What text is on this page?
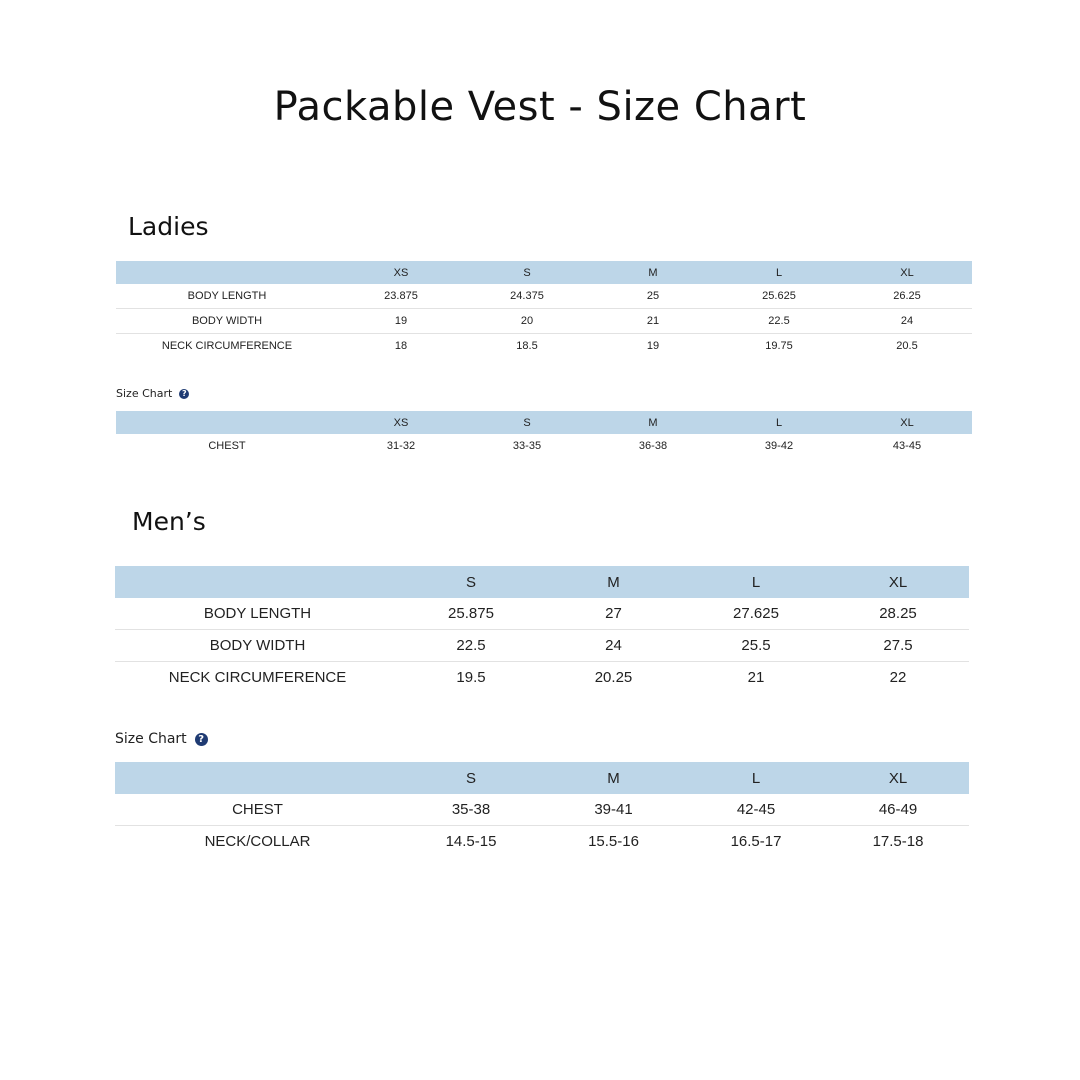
Packable Vest - Size Chart
Ladies
	XS	S	M	L	XL
BODY LENGTH	23.875	24.375	25	25.625	26.25
BODY WIDTH	19	20	21	22.5	24
NECK CIRCUMFERENCE	18	18.5	19	19.75	20.5
Size Chart	?
	XS	S	M	L	XL
CHEST	31-32	33-35	36-38	39-42	43-45
Men’s
	S	M	L	XL
BODY LENGTH	25.875	27	27.625	28.25
BODY WIDTH	22.5	24	25.5	27.5
NECK CIRCUMFERENCE	19.5	20.25	21	22
Size Chart	?
	S	M	L	XL
CHEST	35-38	39-41	42-45	46-49
NECK/COLLAR	14.5-15	15.5-16	16.5-17	17.5-18
